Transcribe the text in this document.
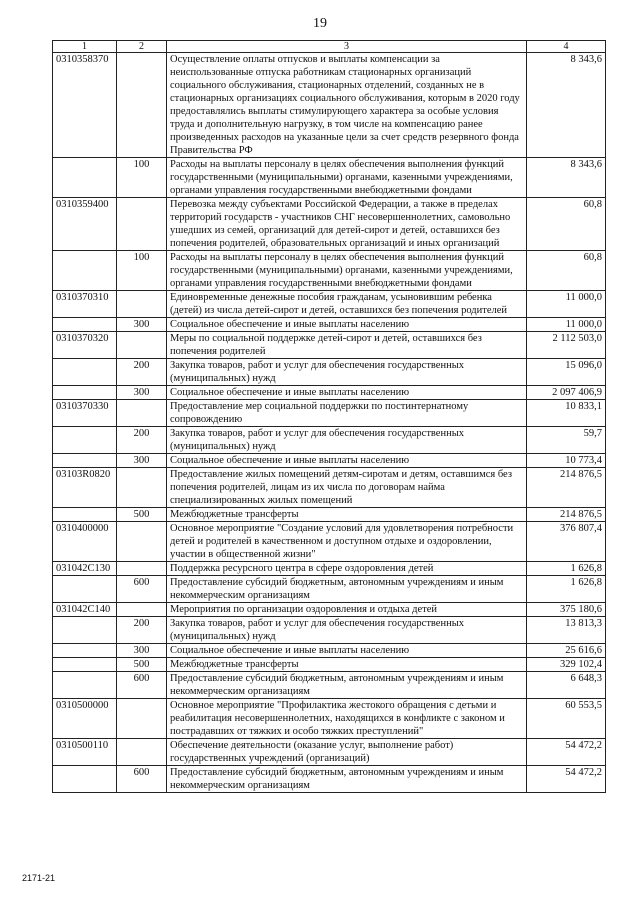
19
1	2	3	4
0310358370		Осуществление оплаты отпусков и выплаты компенсации за неиспользованные отпуска работникам стационарных организаций социального обслуживания, стационарных отделений, созданных не в стационарных организациях социального обслуживания, которым в 2020 году предоставлялись выплаты стимулирующего характера за особые условия труда и дополнительную нагрузку, в том числе на компенсацию ранее произведенных расходов на указанные цели за счет средств резервного фонда Правительства РФ	8 343,6
	100	Расходы на выплаты персоналу в целях обеспечения выполнения функций государственными (муниципальными) органами, казенными учреждениями, органами управления государственными внебюджетными фондами	8 343,6
0310359400		Перевозка между субъектами Российской Федерации, а также в пределах территорий государств - участников СНГ несовершеннолетних, самовольно ушедших из семей, организаций для детей-сирот и детей, оставшихся без попечения родителей, образовательных организаций и иных организаций	60,8
	100	Расходы на выплаты персоналу в целях обеспечения выполнения функций государственными (муниципальными) органами, казенными учреждениями, органами управления государственными внебюджетными фондами	60,8
0310370310		Единовременные денежные пособия гражданам, усыновившим ребенка (детей) из числа детей-сирот и детей, оставшихся без попечения родителей	11 000,0
	300	Социальное обеспечение и иные выплаты населению	11 000,0
0310370320		Меры по социальной поддержке детей-сирот и детей, оставшихся без попечения родителей	2 112 503,0
	200	Закупка товаров, работ и услуг для обеспечения государственных (муниципальных) нужд	15 096,0
	300	Социальное обеспечение и иные выплаты населению	2 097 406,9
0310370330		Предоставление мер социальной поддержки по постинтернатному сопровождению	10 833,1
	200	Закупка товаров, работ и услуг для обеспечения государственных (муниципальных) нужд	59,7
	300	Социальное обеспечение и иные выплаты населению	10 773,4
03103R0820		Предоставление жилых помещений детям-сиротам и детям, оставшимся без попечения родителей, лицам из их числа по договорам найма специализированных жилых помещений	214 876,5
	500	Межбюджетные трансферты	214 876,5
0310400000		Основное мероприятие "Создание условий для удовлетворения потребности детей и родителей в качественном и доступном отдыхе и оздоровлении, участии в общественной жизни"	376 807,4
031042С130		Поддержка ресурсного центра в сфере оздоровления детей	1 626,8
	600	Предоставление субсидий бюджетным, автономным учреждениям и иным некоммерческим организациям	1 626,8
031042С140		Мероприятия по организации оздоровления и отдыха детей	375 180,6
	200	Закупка товаров, работ и услуг для обеспечения государственных (муниципальных) нужд	13 813,3
	300	Социальное обеспечение и иные выплаты населению	25 616,6
	500	Межбюджетные трансферты	329 102,4
	600	Предоставление субсидий бюджетным, автономным учреждениям и иным некоммерческим организациям	6 648,3
0310500000		Основное мероприятие "Профилактика жестокого обращения с детьми и реабилитация несовершеннолетних, находящихся в конфликте с законом и пострадавших от тяжких и особо тяжких преступлений"	60 553,5
0310500110		Обеспечение деятельности (оказание услуг, выполнение работ) государственных учреждений (организаций)	54 472,2
	600	Предоставление субсидий бюджетным, автономным учреждениям и иным некоммерческим организациям	54 472,2
2171-21
